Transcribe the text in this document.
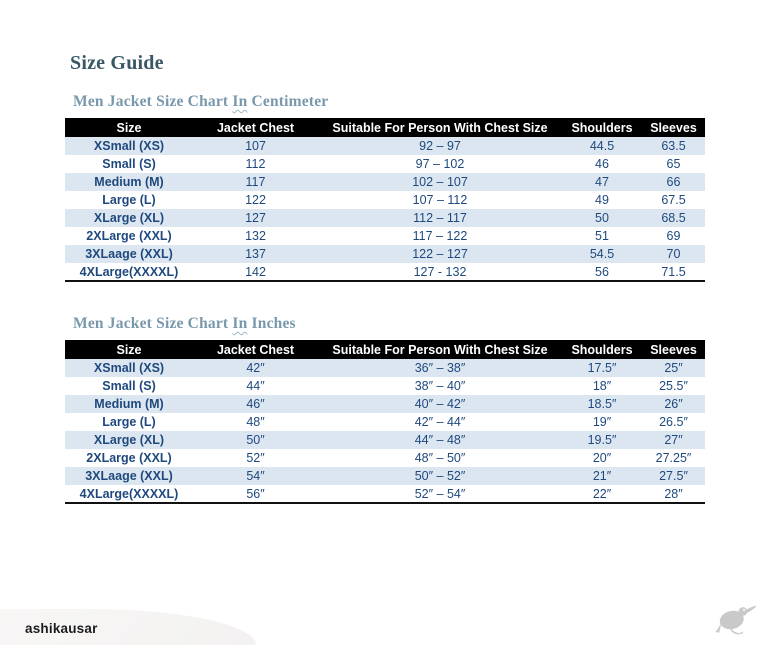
Size Guide
Men Jacket Size Chart In Centimeter
Size	Jacket Chest	Suitable For Person With Chest Size	Shoulders	Sleeves
XSmall (XS)	107	92 – 97	44.5	63.5
Small (S)	112	97 – 102	46	65
Medium (M)	117	102 – 107	47	66
Large (L)	122	107 – 112	49	67.5
XLarge (XL)	127	112 – 117	50	68.5
2XLarge (XXL)	132	117 – 122	51	69
3XLaage (XXL)	137	122 – 127	54.5	70
4XLarge(XXXXL)	142	127 - 132	56	71.5
Men Jacket Size Chart In Inches
Size	Jacket Chest	Suitable For Person With Chest Size	Shoulders	Sleeves
XSmall (XS)	42″	36″ – 38″	17.5″	25″
Small (S)	44″	38″ – 40″	18″	25.5″
Medium (M)	46″	40″ – 42″	18.5″	26″
Large (L)	48″	42″ – 44″	19″	26.5″
XLarge (XL)	50″	44″ – 48″	19.5″	27″
2XLarge (XXL)	52″	48″ – 50″	20″	27.25″
3XLaage (XXL)	54″	50″ – 52″	21″	27.5″
4XLarge(XXXXL)	56″	52″ – 54″	22″	28″
ashikausar
